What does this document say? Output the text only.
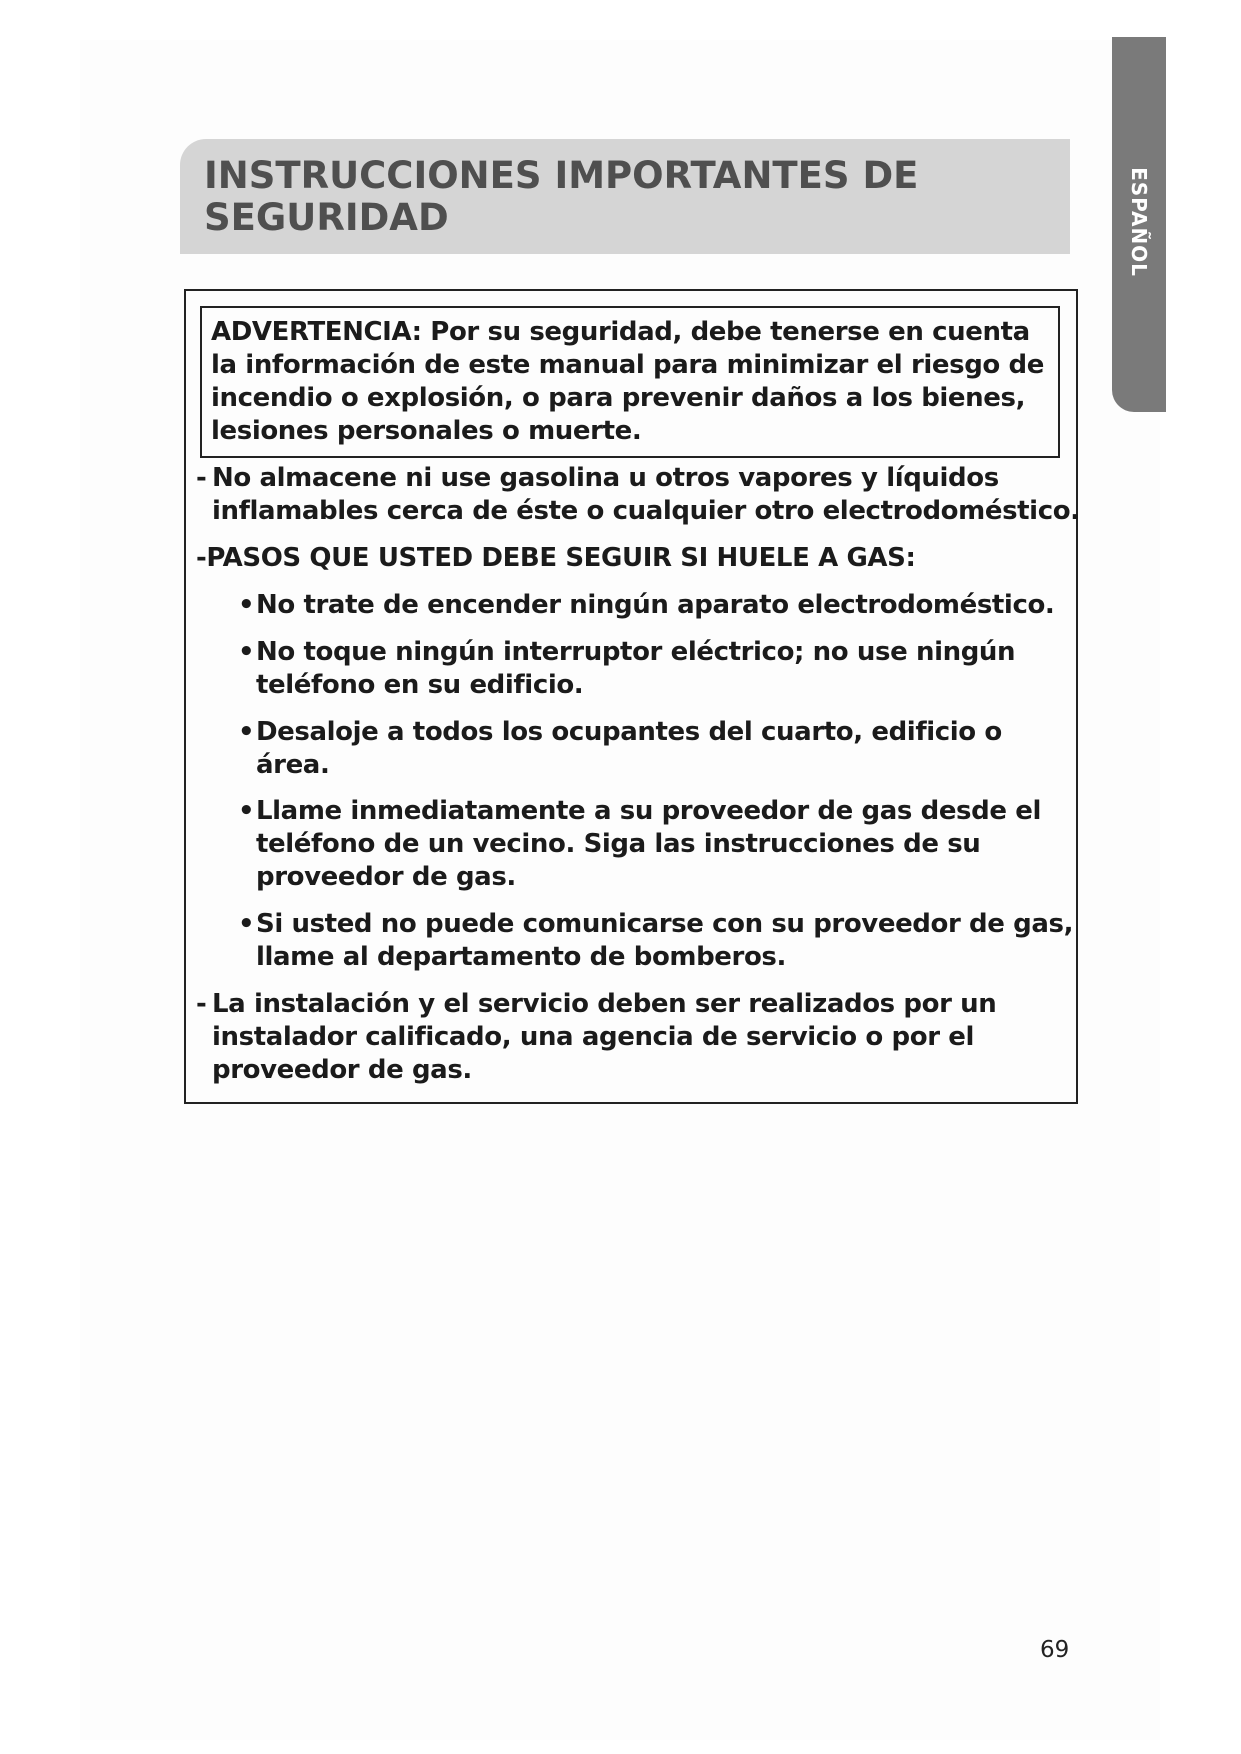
ESPAÑOL
INSTRUCCIONES IMPORTANTES DE SEGURIDAD

ADVERTENCIA: Por su seguridad, debe tenerse en cuenta la información de este manual para minimizar el riesgo de incendio o explosión, o para prevenir daños a los bienes, lesiones personales o muerte.

- No almacene ni use gasolina u otros vapores y líquidos inflamables cerca de éste o cualquier otro electrodoméstico.
-PASOS QUE USTED DEBE SEGUIR SI HUELE A GAS:
• No trate de encender ningún aparato electrodoméstico.
• No toque ningún interruptor eléctrico; no use ningún teléfono en su edificio.
• Desaloje a todos los ocupantes del cuarto, edificio o área.
• Llame inmediatamente a su proveedor de gas desde el teléfono de un vecino. Siga las instrucciones de su proveedor de gas.
• Si usted no puede comunicarse con su proveedor de gas, llame al departamento de bomberos.
- La instalación y el servicio deben ser realizados por un instalador calificado, una agencia de servicio o por el proveedor de gas.
69
